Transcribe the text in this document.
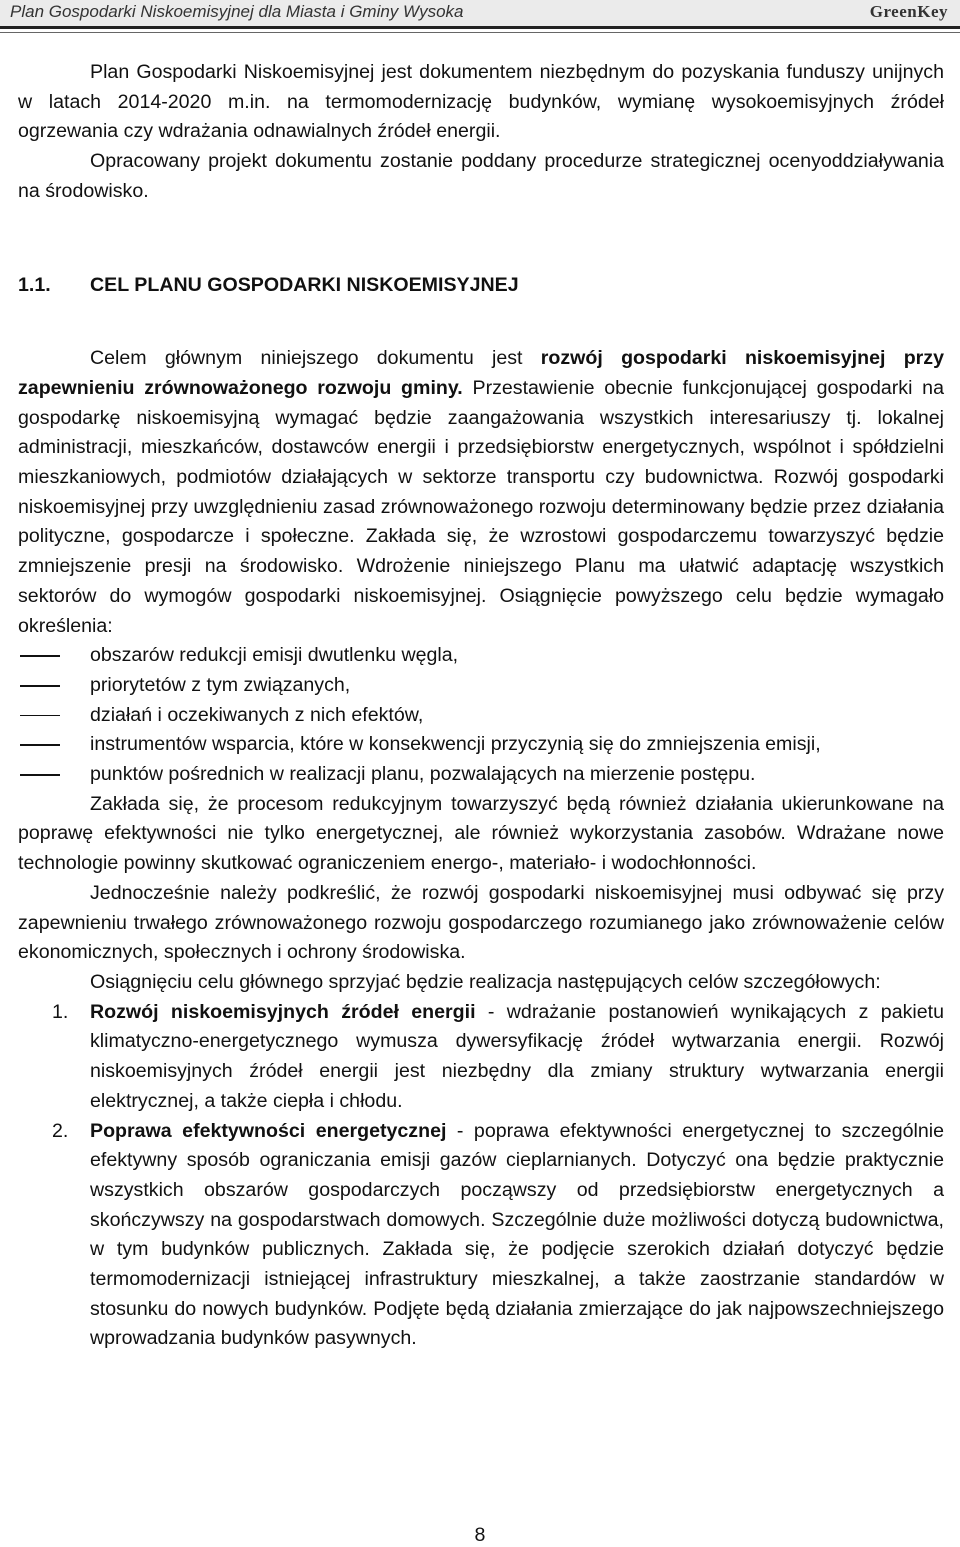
Plan Gospodarki Niskoemisyjnej dla Miasta i Gminy Wysoka	GreenKey

Plan Gospodarki Niskoemisyjnej jest dokumentem niezbędnym do pozyskania funduszy unijnych w latach 2014-2020 m.in. na termomodernizację budynków, wymianę wysokoemisyjnych źródeł ogrzewania czy wdrażania odnawialnych źródeł energii.

Opracowany projekt dokumentu zostanie poddany procedurze strategicznej ocenyoddziaływania na środowisko.

1.1.	CEL PLANU GOSPODARKI NISKOEMISYJNEJ

Celem głównym niniejszego dokumentu jest rozwój gospodarki niskoemisyjnej przy zapewnieniu zrównoważonego rozwoju gminy. Przestawienie obecnie funkcjonującej gospodarki na gospodarkę niskoemisyjną wymagać będzie zaangażowania wszystkich interesariuszy tj. lokalnej administracji, mieszkańców, dostawców energii i przedsiębiorstw energetycznych, wspólnot i spółdzielni mieszkaniowych, podmiotów działających w sektorze transportu czy budownictwa. Rozwój gospodarki niskoemisyjnej przy uwzględnieniu zasad zrównoważonego rozwoju determinowany będzie przez działania polityczne, gospodarcze i społeczne. Zakłada się, że wzrostowi gospodarczemu towarzyszyć będzie zmniejszenie presji na środowisko. Wdrożenie niniejszego Planu ma ułatwić adaptację wszystkich sektorów do wymogów gospodarki niskoemisyjnej. Osiągnięcie powyższego celu będzie wymagało określenia:

obszarów redukcji emisji dwutlenku węgla,
priorytetów z tym związanych,
działań i oczekiwanych z nich efektów,
instrumentów wsparcia, które w konsekwencji przyczynią się do zmniejszenia emisji,
punktów pośrednich w realizacji planu, pozwalających na mierzenie postępu.

Zakłada się, że procesom redukcyjnym towarzyszyć będą również działania ukierunkowane na poprawę efektywności nie tylko energetycznej, ale również wykorzystania zasobów. Wdrażane nowe technologie powinny skutkować ograniczeniem energo-, materiało- i wodochłonności.

Jednocześnie należy podkreślić, że rozwój gospodarki niskoemisyjnej musi odbywać się przy zapewnieniu trwałego zrównoważonego rozwoju gospodarczego rozumianego jako zrównoważenie celów ekonomicznych, społecznych i ochrony środowiska.

Osiągnięciu celu głównego sprzyjać będzie realizacja następujących celów szczegółowych:

1. Rozwój niskoemisyjnych źródeł energii - wdrażanie postanowień wynikających z pakietu klimatyczno-energetycznego wymusza dywersyfikację źródeł wytwarzania energii. Rozwój niskoemisyjnych źródeł energii jest niezbędny dla zmiany struktury wytwarzania energii elektrycznej, a także ciepła i chłodu.
2. Poprawa efektywności energetycznej - poprawa efektywności energetycznej to szczególnie efektywny sposób ograniczania emisji gazów cieplarnianych. Dotyczyć ona będzie praktycznie wszystkich obszarów gospodarczych począwszy od przedsiębiorstw energetycznych a skończywszy na gospodarstwach domowych. Szczególnie duże możliwości dotyczą budownictwa, w tym budynków publicznych. Zakłada się, że podjęcie szerokich działań dotyczyć będzie termomodernizacji istniejącej infrastruktury mieszkalnej, a także zaostrzanie standardów w stosunku do nowych budynków. Podjęte będą działania zmierzające do jak najpowszechniejszego wprowadzania budynków pasywnych.
8
